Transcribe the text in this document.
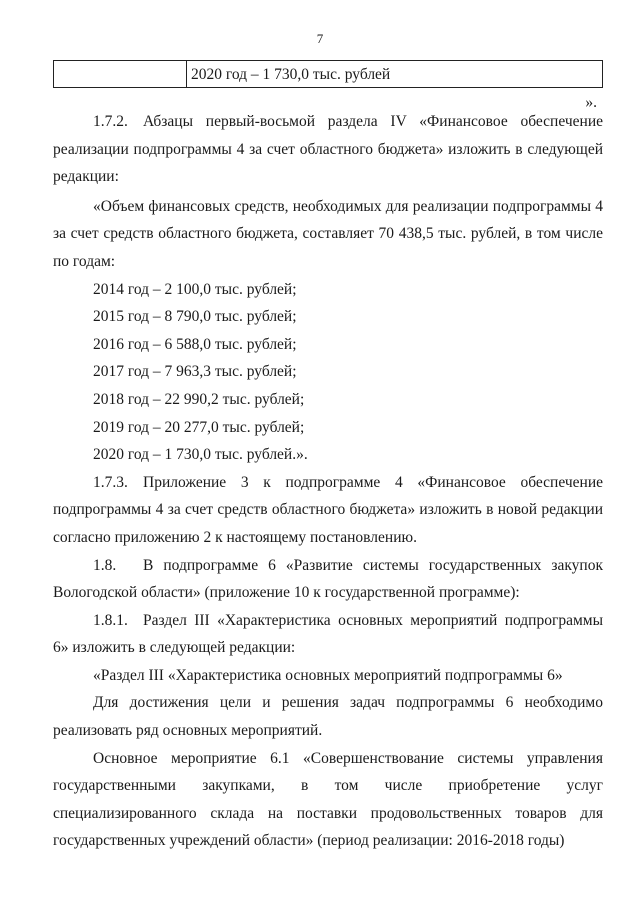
7
2020 год – 1 730,0 тыс. рублей
».

1.7.2. Абзацы первый-восьмой раздела IV «Финансовое обеспечение реализации подпрограммы 4 за счет областного бюджета» изложить в следующей редакции:

«Объем финансовых средств, необходимых для реализации подпрограммы 4 за счет средств областного бюджета, составляет 70 438,5 тыс. рублей, в том числе по годам:

2014 год – 2 100,0 тыс. рублей;
2015 год – 8 790,0 тыс. рублей;
2016 год – 6 588,0 тыс. рублей;
2017 год – 7 963,3 тыс. рублей;
2018 год – 22 990,2 тыс. рублей;
2019 год – 20 277,0 тыс. рублей;
2020 год – 1 730,0 тыс. рублей.».

1.7.3. Приложение 3 к подпрограмме 4 «Финансовое обеспечение подпрограммы 4 за счет средств областного бюджета» изложить в новой редакции согласно приложению 2 к настоящему постановлению.

1.8. В подпрограмме 6 «Развитие системы государственных закупок Вологодской области» (приложение 10 к государственной программе):

1.8.1. Раздел III «Характеристика основных мероприятий подпрограммы 6» изложить в следующей редакции:

«Раздел III «Характеристика основных мероприятий подпрограммы 6»

Для достижения цели и решения задач подпрограммы 6 необходимо реализовать ряд основных мероприятий.

Основное мероприятие 6.1 «Совершенствование системы управления государственными закупками, в том числе приобретение услуг специализированного склада на поставки продовольственных товаров для государственных учреждений области» (период реализации: 2016-2018 годы)
